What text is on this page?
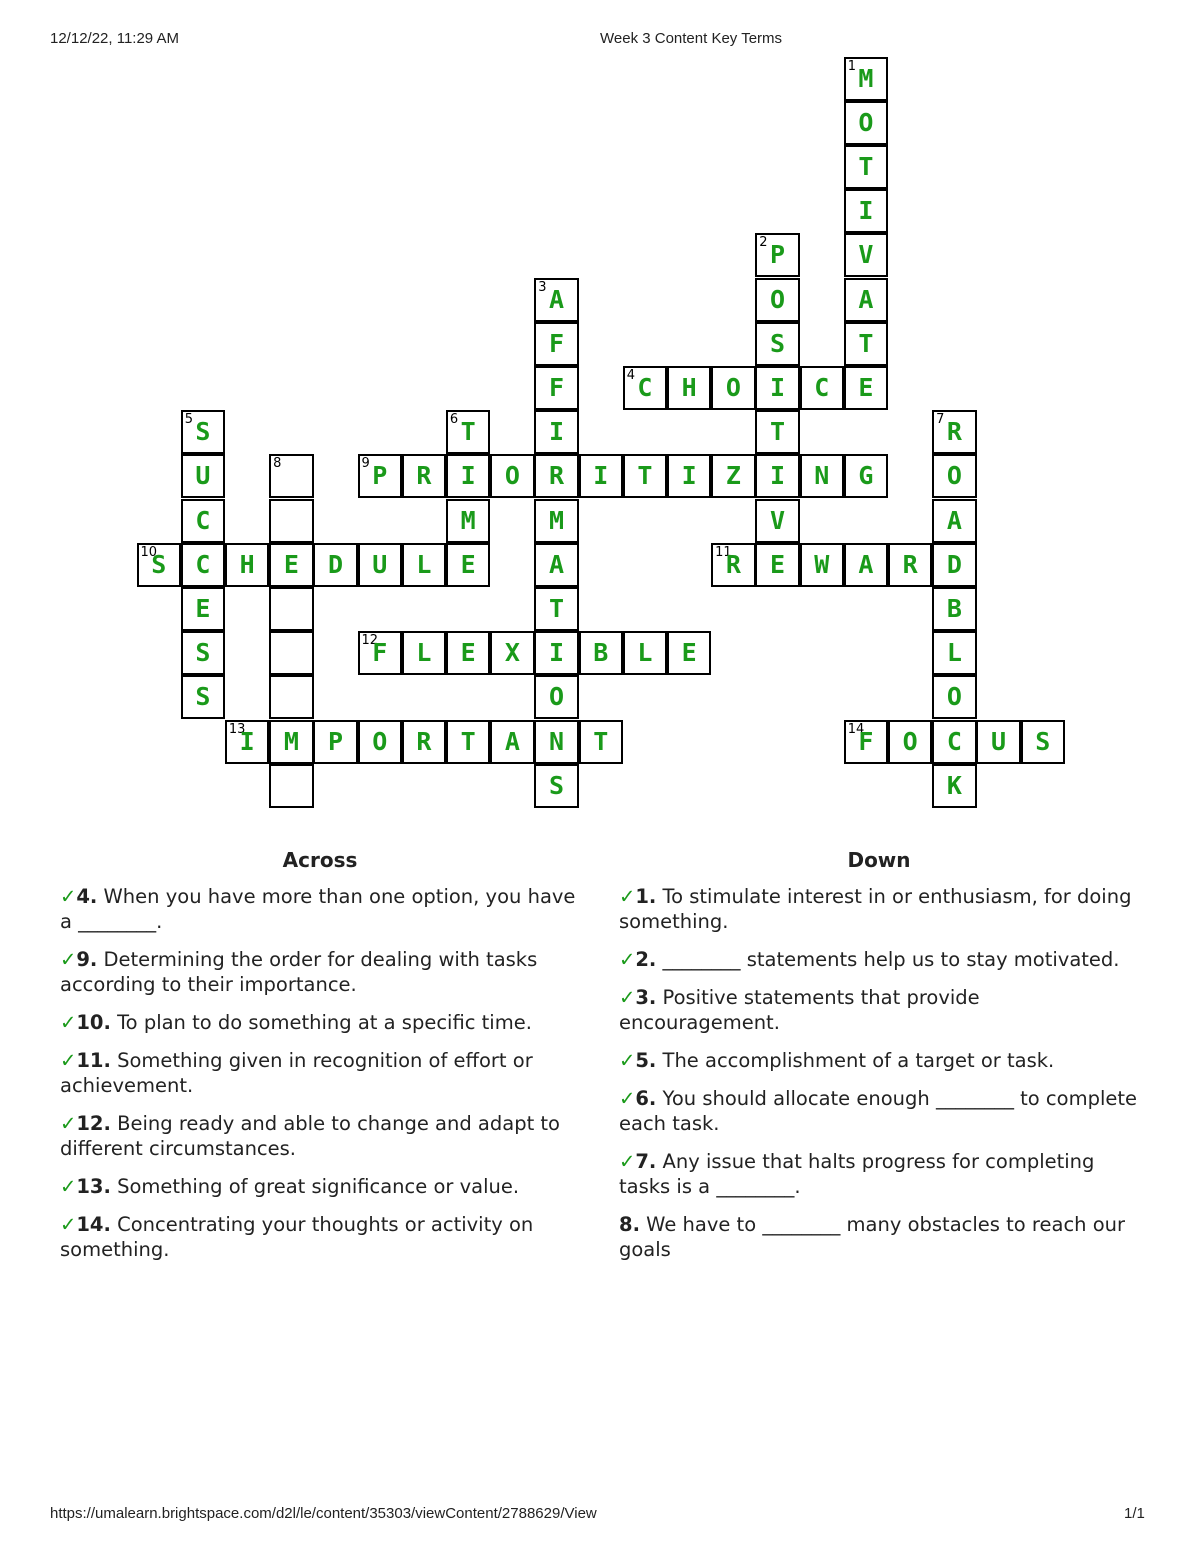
12/12/22, 11:29 AM	Week 3 Content Key Terms
1 M
O
T
I
V
A
T
E
2 P
O
S
I
T
I
V
E
3 A
F
F
I
R
M
A
T
I
O
N
S
4 C	H	O	C
5 S
U
C
C
E
S
S
6 T
I
M
E
7 R
O
A
D
B
L
O
C
K
8
E
M
9 P	R	O	I	T	I	Z	N	G
10
S	H	D	U	L	11
R	W	A	R
12
F	L	E	X	B	L	E
13
I	P	O	R	T	A	T	14
F	O	U	S
Across
✓4. When you have more than one option, you have a ________.
✓9. Determining the order for dealing with tasks according to their importance.
✓10. To plan to do something at a specific time.
✓11. Something given in recognition of effort or achievement.
✓12. Being ready and able to change and adapt to different circumstances.
✓13. Something of great significance or value.
✓14. Concentrating your thoughts or activity on something.
Down
✓1. To stimulate interest in or enthusiasm, for doing something.
✓2. ________ statements help us to stay motivated.
✓3. Positive statements that provide encouragement.
✓5. The accomplishment of a target or task.
✓6. You should allocate enough ________ to complete each task.
✓7. Any issue that halts progress for completing tasks is a ________.
8. We have to ________ many obstacles to reach our goals
https://umalearn.brightspace.com/d2l/le/content/35303/viewContent/2788629/View	1/1
